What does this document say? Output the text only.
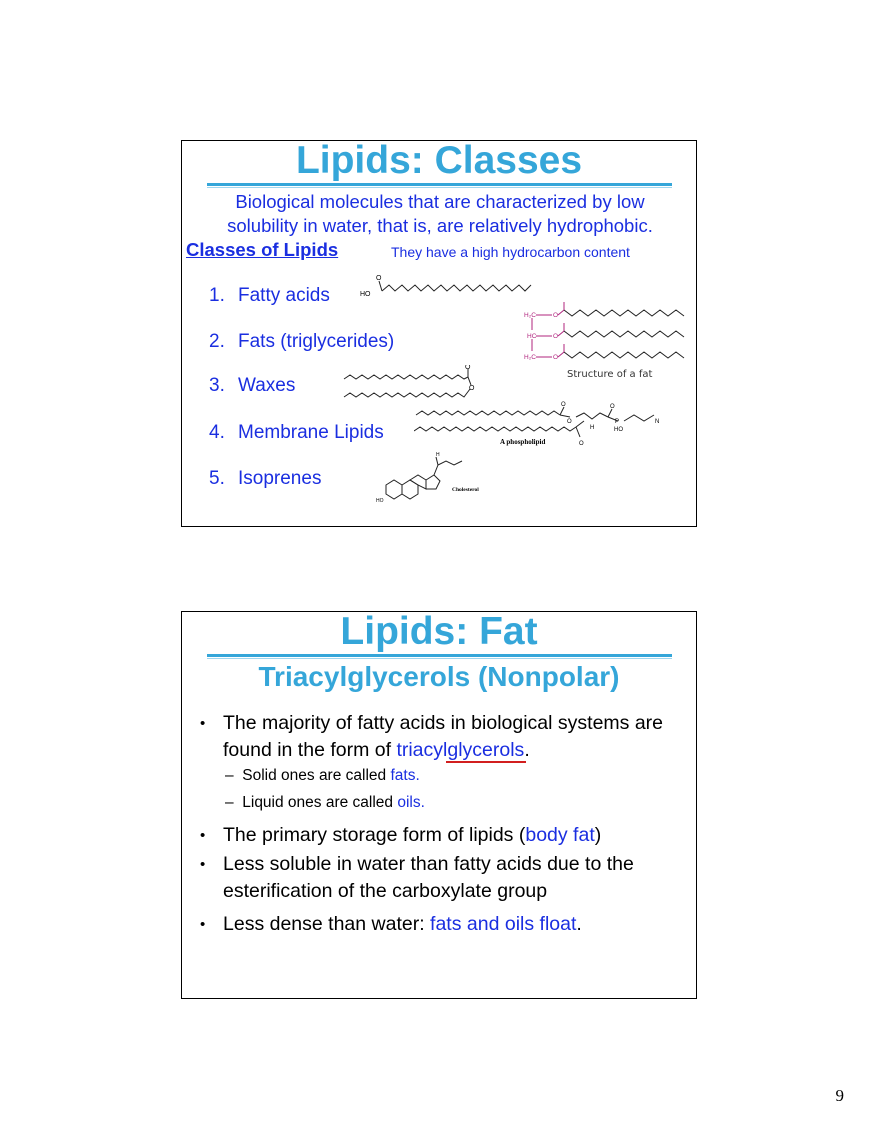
Lipids: Classes
Biological molecules that are characterized by low
solubility in water, that is, are relatively hydrophobic.
Classes of Lipids	They have a high hydrocarbon content
1. Fatty acids
2. Fats (triglycerides)
3. Waxes
4. Membrane Lipids
5. Isoprenes
O
HO
H₂C
HC
H₂C
O
O
O
Structure of a fat
O
O
O
O
O
H
O
P
HO
N
A phospholipid
HO
H
Cholesterol
Lipids: Fat
Triacylglycerols (Nonpolar)
• The majority of fatty acids in biological systems are
found in the form of triacylglycerols
.
– Solid ones are called fats.
– Liquid ones are called oils.
• The primary storage form of lipids (body fat)
• Less soluble in water than fatty acids due to the
esterification of the carboxylate group
• Less dense than water: fats and oils float.
9
